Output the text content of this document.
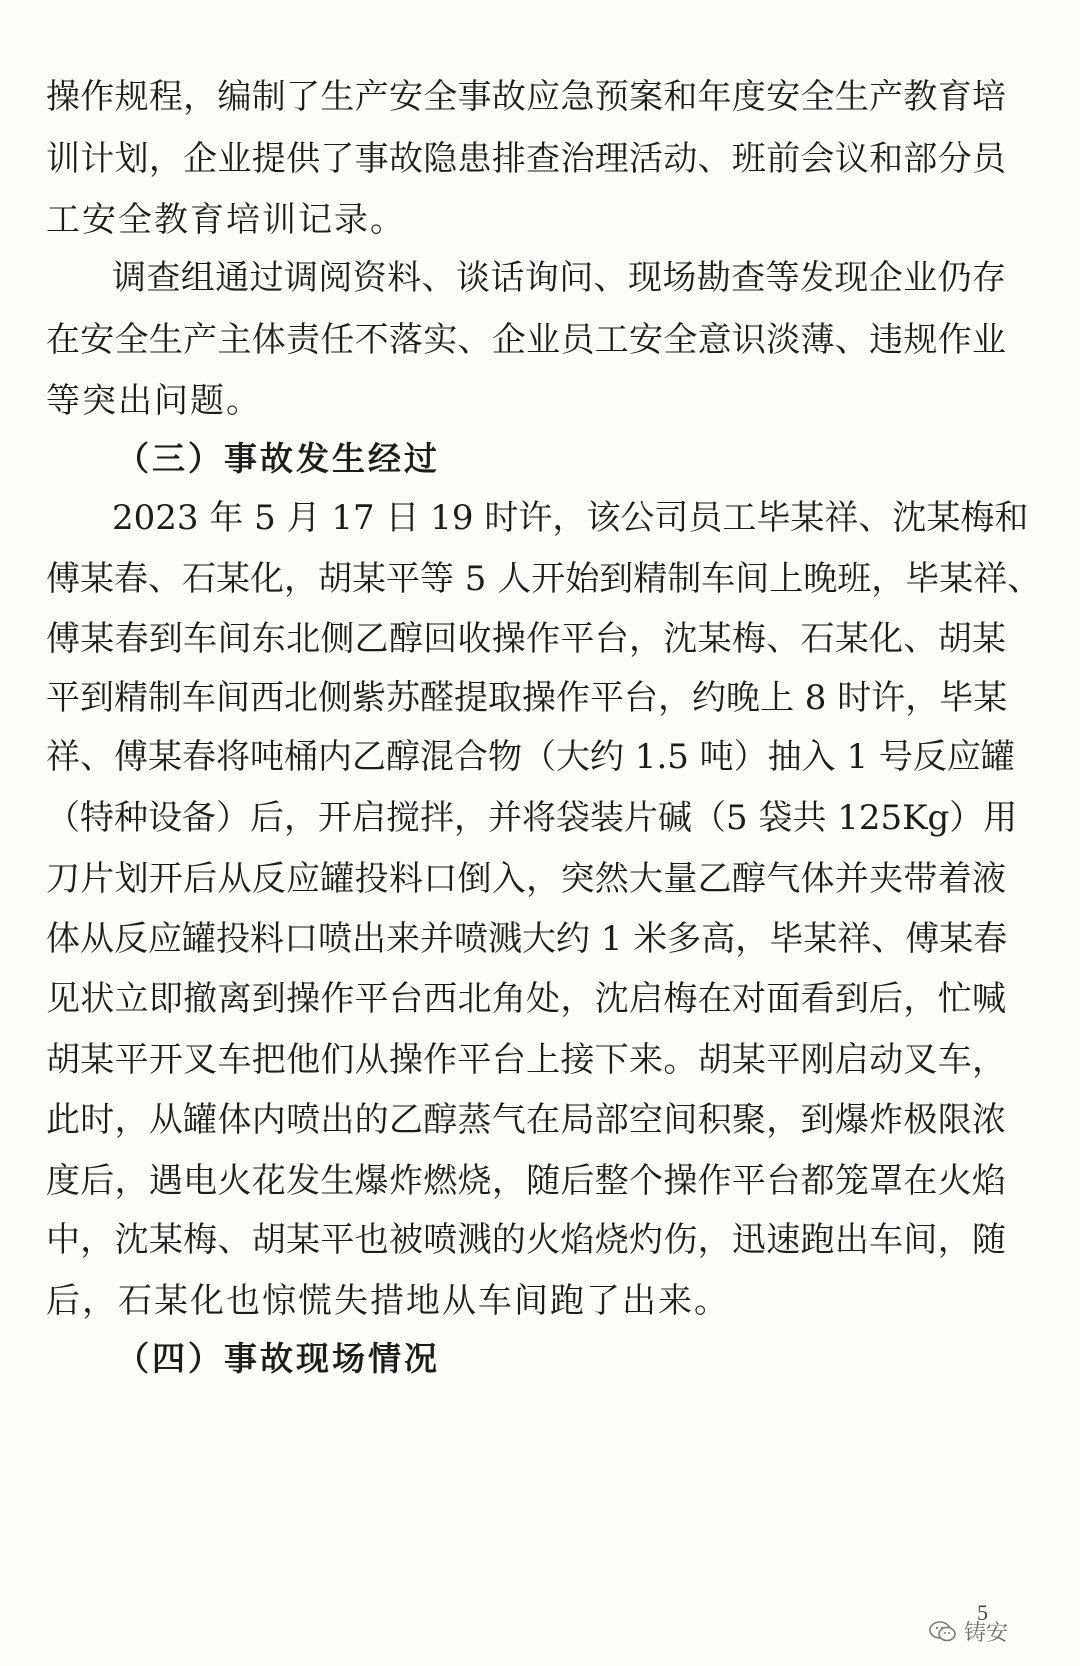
操作规程，编制了生产安全事故应急预案和年度安全生产教育培
训计划，企业提供了事故隐患排查治理活动、班前会议和部分员
工安全教育培训记录。
调查组通过调阅资料、谈话询问、现场勘查等发现企业仍存
在安全生产主体责任不落实、企业员工安全意识淡薄、违规作业
等突出问题。
（三）事故发生经过
2023 年 5 月 17 日 19 时许，该公司员工毕某祥、沈某梅和
傅某春、石某化，胡某平等 5 人开始到精制车间上晚班，毕某祥、
傅某春到车间东北侧乙醇回收操作平台，沈某梅、石某化、胡某
平到精制车间西北侧紫苏醛提取操作平台，约晚上 8 时许，毕某
祥、傅某春将吨桶内乙醇混合物（大约 1.5 吨）抽入 1 号反应罐
（特种设备）后，开启搅拌，并将袋装片碱（5 袋共 125Kg）用
刀片划开后从反应罐投料口倒入，突然大量乙醇气体并夹带着液
体从反应罐投料口喷出来并喷溅大约 1 米多高，毕某祥、傅某春
见状立即撤离到操作平台西北角处，沈启梅在对面看到后，忙喊
胡某平开叉车把他们从操作平台上接下来。胡某平刚启动叉车，
此时，从罐体内喷出的乙醇蒸气在局部空间积聚，到爆炸极限浓
度后，遇电火花发生爆炸燃烧，随后整个操作平台都笼罩在火焰
中，沈某梅、胡某平也被喷溅的火焰烧灼伤，迅速跑出车间，随
后，石某化也惊慌失措地从车间跑了出来。
（四）事故现场情况
5
铸安
